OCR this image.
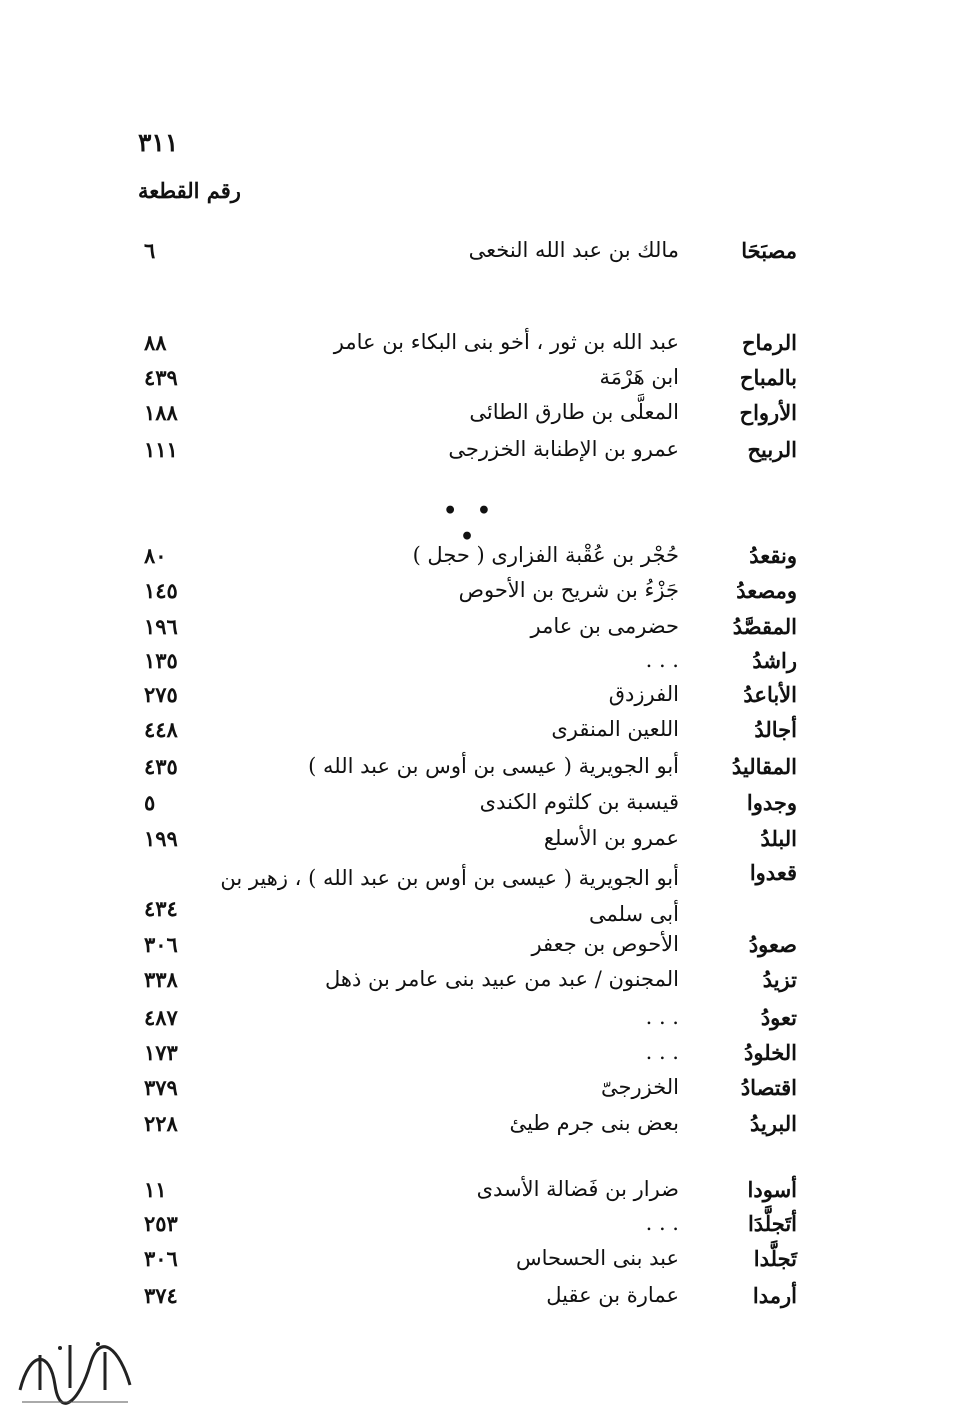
٣١١
رقم القطعة
مصبَحَا
مالك بن عبد الله النخعى
٦
الرماح
عبد الله بن ثور ، أخو بنى البكاء بن عامر
٨٨
بالمباح
ابن هَرْمَة
٤٣٩
الأرواح
المعلَّى بن طارق الطائى
١٨٨
الربيح
عمرو بن الإطنابة الخزرجى
١١١
• • •
ونقعدُ
حُجْر بن عُقْبة الفزارى ( حجل )
٨٠
ومصعدُ
جَزْءُ بن شريح بن الأحوص
١٤٥
المقصَّدُ
حضرمى بن عامر
١٩٦
راشدُ
. . .
١٣٥
الأباعدُ
الفرزدق
٢٧٥
أجالدُ
اللعين المنقرى
٤٤٨
المقاليدُ
أبو الجويرية ( عيسى بن أوس بن عبد الله )
٤٣٥
وجدوا
قيسبة بن كلثوم الكندى
٥
البلدُ
عمرو بن الأسلع
١٩٩
قعدوا
أبو الجويرية ( عيسى بن أوس بن عبد الله ) ، زهير بن أبى سلمى
٤٣٤
صعودُ
الأحوص بن جعفر
٣٠٦
تزيدُ
المجنون / عبد من عبيد بنى عامر بن ذهل
٣٣٨
تعودُ
. . .
٤٨٧
الخلودُ
. . .
١٧٣
اقتصادُ
الخزرجىّ
٣٧٩
البريدُ
بعض بنى جرم طيئ
٢٢٨
أسودا
ضرار بن فَضالة الأسدى
١١
أتَجلَّدَا
. . .
٢٥٣
تَجلَّدا
عبد بنى الحسحاس
٣٠٦
أرمدا
عمارة بن عقيل
٣٧٤
